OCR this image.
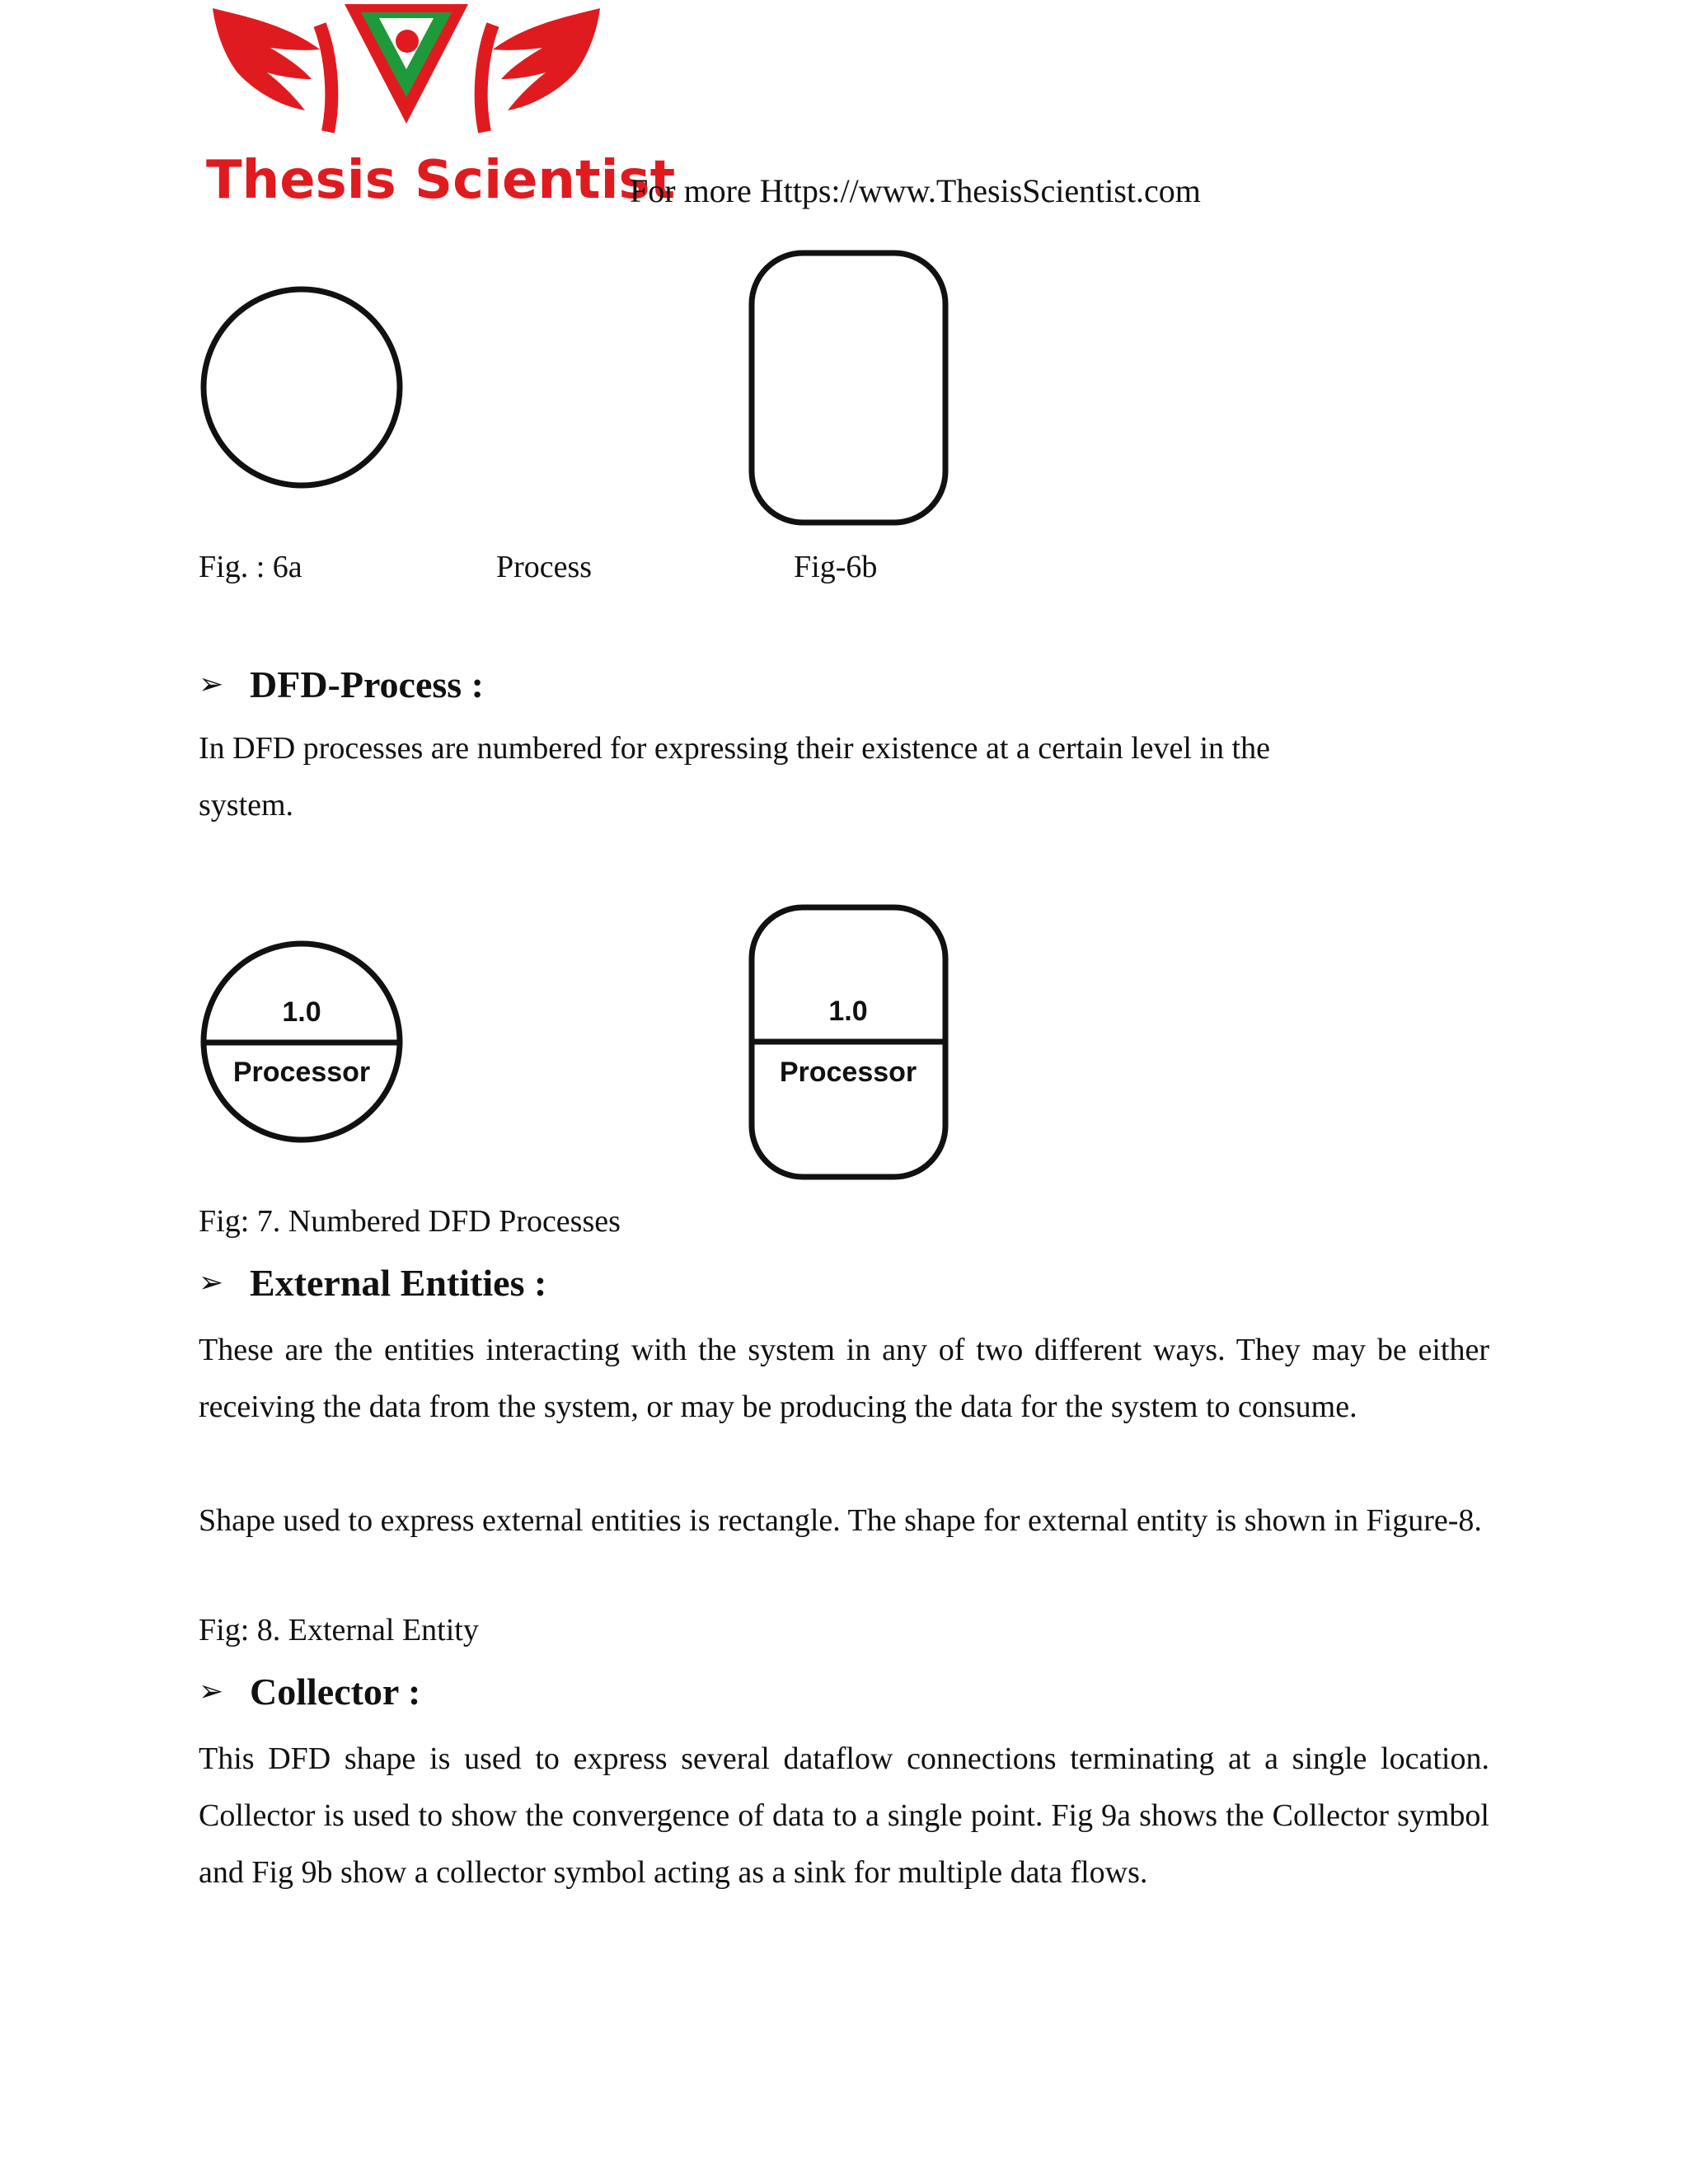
Thesis Scientist
For more Https://www.ThesisScientist.com
Fig. : 6a	Process	Fig-6b
➢ DFD-Process :
In DFD processes are numbered for expressing their existence at a certain level in the
system.
1.0
Processor
1.0
Processor
Fig: 7. Numbered DFD Processes
➢ External Entities :

These are the entities interacting with the system in any of two different ways. They may be either receiving the data from the system, or may be producing the data for the system to consume.

Shape used to express external entities is rectangle. The shape for external entity is shown in Figure-8.

Fig: 8. External Entity
➢ Collector :

This DFD shape is used to express several dataflow connections terminating at a single location. Collector is used to show the convergence of data to a single point. Fig 9a shows the Collector symbol and Fig 9b show a collector symbol acting as a sink for multiple data flows.
